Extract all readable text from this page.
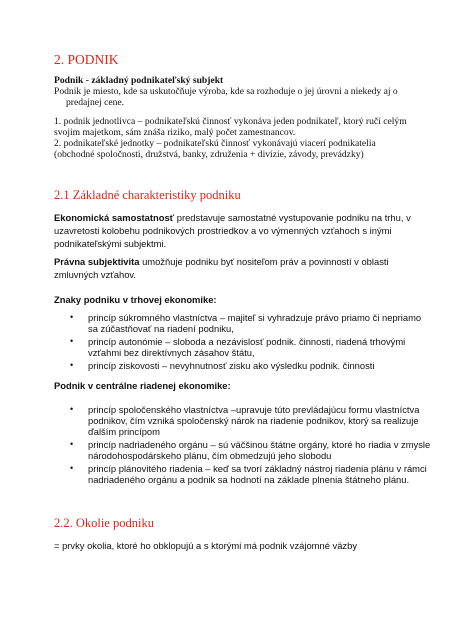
2. PODNIK
Podnik - základný podnikateľský subjekt
Podnik je miesto, kde sa uskutočňuje výroba, kde sa rozhoduje o jej úrovni a niekedy aj o
predajnej cene.
1. podnik jednotlivca – podnikateľskú činnosť vykonáva jeden podnikateľ, ktorý ručí celým
svojim majetkom, sám znáša riziko, malý počet zamestnancov.
2. podnikateľské jednotky – podnikateľskú činnosť vykonávajú viacerí podnikatelia
(obchodné spoločnosti, družstvá, banky, združenia + divízie, závody, prevádzky)
2.1 Základné charakteristiky podniku
Ekonomická samostatnosť predstavuje samostatné vystupovanie podniku na trhu, v
uzavretosti kolobehu podnikových prostriedkov a vo výmenných vzťahoch s inými
podnikateľskými subjektmi.
Právna subjektivita umožňuje podniku byť nositeľom práv a povinností v oblasti
zmluvných vzťahov.
Znaky podniku v trhovej ekonomike:
• princíp súkromného vlastníctva – majiteľ si vyhradzuje právo priamo či nepriamo
sa zúčastňovať na riadení podniku,
• princíp autonómie – sloboda a nezávislosť podnik. činnosti, riadená trhovými
vzťahmi bez direktívnych zásahov štátu,
• princíp ziskovosti – nevyhnutnosť zisku ako výsledku podnik. činnosti
Podnik v centrálne riadenej ekonomike:
• princíp spoločenského vlastníctva –upravuje túto prevládajúcu formu vlastníctva
podnikov, čím vzniká spoločenský nárok na riadenie podnikov, ktorý sa realizuje
ďalším princípom
• princíp nadriadeného orgánu – sú väčšinou štátne orgány, ktoré ho riadia v zmysle
národohospodárskeho plánu, čím obmedzujú jeho slobodu
• princíp plánovitého riadenia – keď sa tvorí základný nástroj riadenia plánu v rámci
nadriadeného orgánu a podnik sa hodnotí na základe plnenia štátneho plánu.
2.2. Okolie podniku
= prvky okolia, ktoré ho obklopujú a s ktorými má podnik vzájomné väzby
